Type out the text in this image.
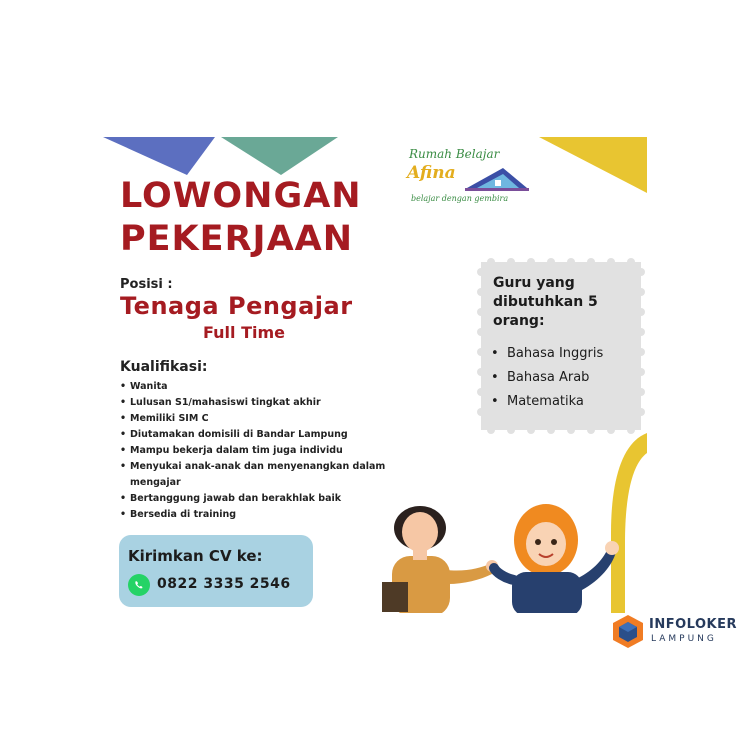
Rumah Belajar
Afina
belajar dengan gembira
LOWONGAN
PEKERJAAN
Posisi :
Tenaga Pengajar
Full Time
Kualifikasi:
• Wanita
• Lulusan S1/mahasiswi tingkat akhir
• Memiliki SIM C
• Diutamakan domisili di Bandar Lampung
• Mampu bekerja dalam tim juga individu
• Menyukai anak-anak dan menyenangkan dalam mengajar
• Bertanggung jawab dan berakhlak baik
• Bersedia di training

Guru yang dibutuhkan 5 orang:

• Bahasa Inggris
• Bahasa Arab
• Matematika
Kirimkan CV ke:
0822 3335 2546
INFOLOKER
LAMPUNG
